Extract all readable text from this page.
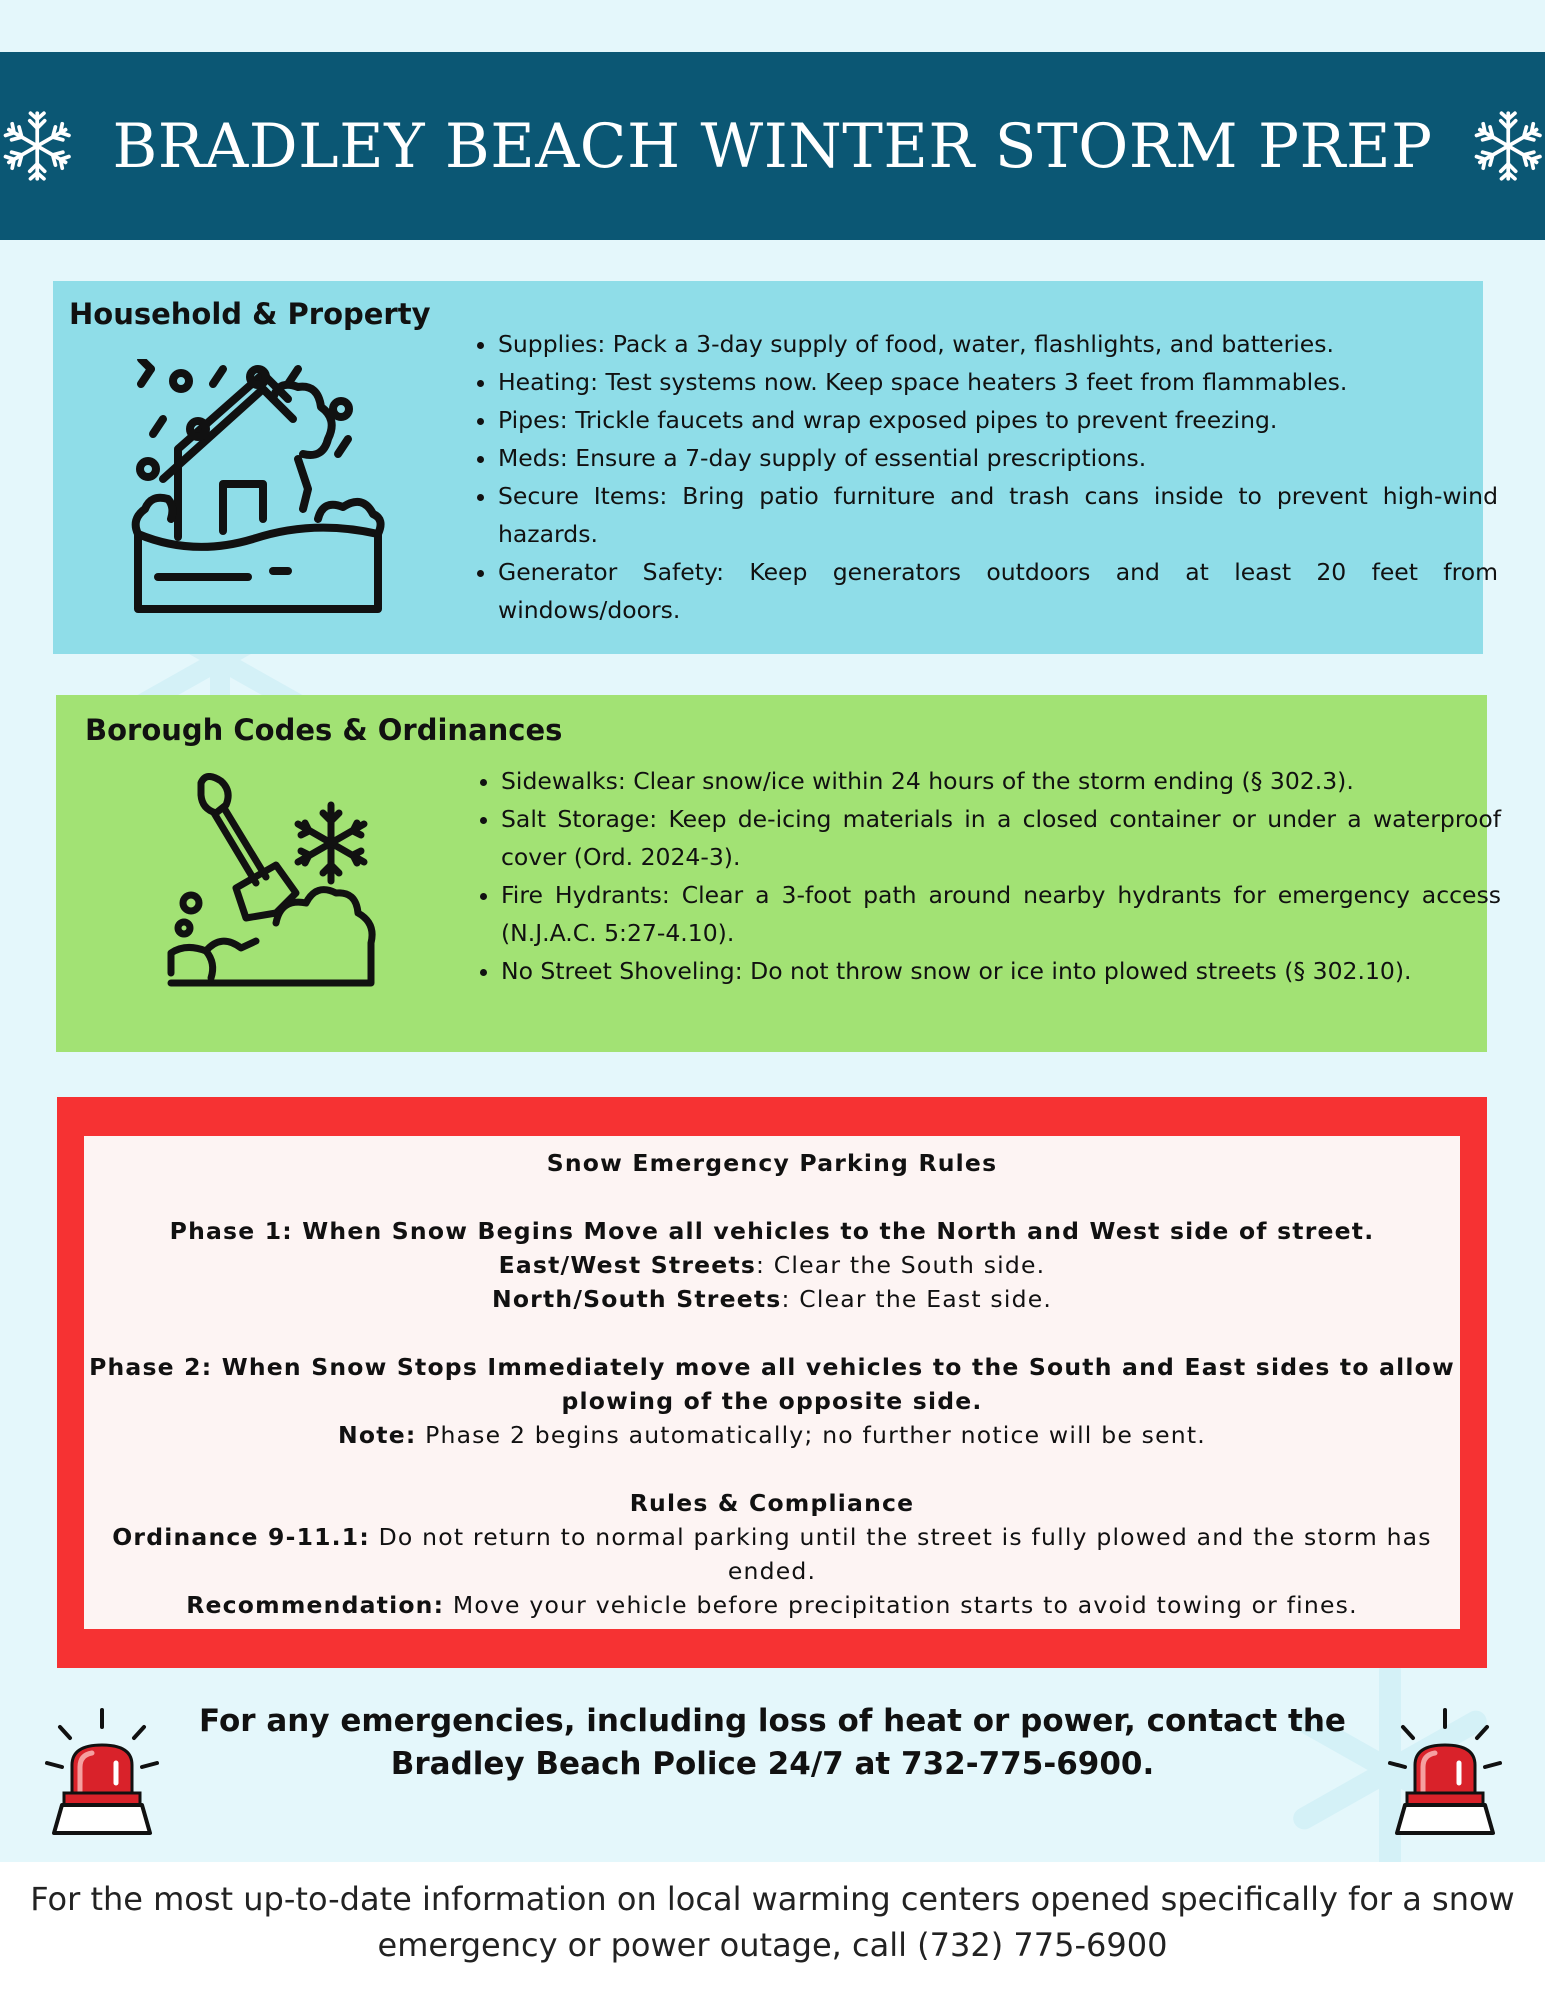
BRADLEY BEACH WINTER STORM PREP
Household & Property
• Supplies: Pack a 3-day supply of food, water, flashlights, and batteries.
• Heating: Test systems now. Keep space heaters 3 feet from flammables.
• Pipes: Trickle faucets and wrap exposed pipes to prevent freezing.
• Meds: Ensure a 7-day supply of essential prescriptions.
• Secure Items: Bring patio furniture and trash cans inside to prevent high-wind hazards.
• Generator Safety: Keep generators outdoors and at least 20 feet from windows/doors.
Borough Codes & Ordinances
• Sidewalks: Clear snow/ice within 24 hours of the storm ending (§ 302.3).
• Salt Storage: Keep de-icing materials in a closed container or under a waterproof cover (Ord. 2024-3).
• Fire Hydrants: Clear a 3-foot path around nearby hydrants for emergency access (N.J.A.C. 5:27-4.10).
• No Street Shoveling: Do not throw snow or ice into plowed streets (§ 302.10).

Snow Emergency Parking Rules

Phase 1: When Snow Begins Move all vehicles to the North and West side of street.

East/West Streets: Clear the South side.

North/South Streets: Clear the East side.

Phase 2: When Snow Stops Immediately move all vehicles to the South and East sides to allow plowing of the opposite side.

Note: Phase 2 begins automatically; no further notice will be sent.

Rules & Compliance

Ordinance 9-11.1: Do not return to normal parking until the street is fully plowed and the storm has ended.

Recommendation: Move your vehicle before precipitation starts to avoid towing or fines.

For any emergencies, including loss of heat or power, contact the Bradley Beach Police 24/7 at 732-775-6900.
For the most up-to-date information on local warming centers opened specifically for a snow emergency or power outage, call (732) 775-6900
